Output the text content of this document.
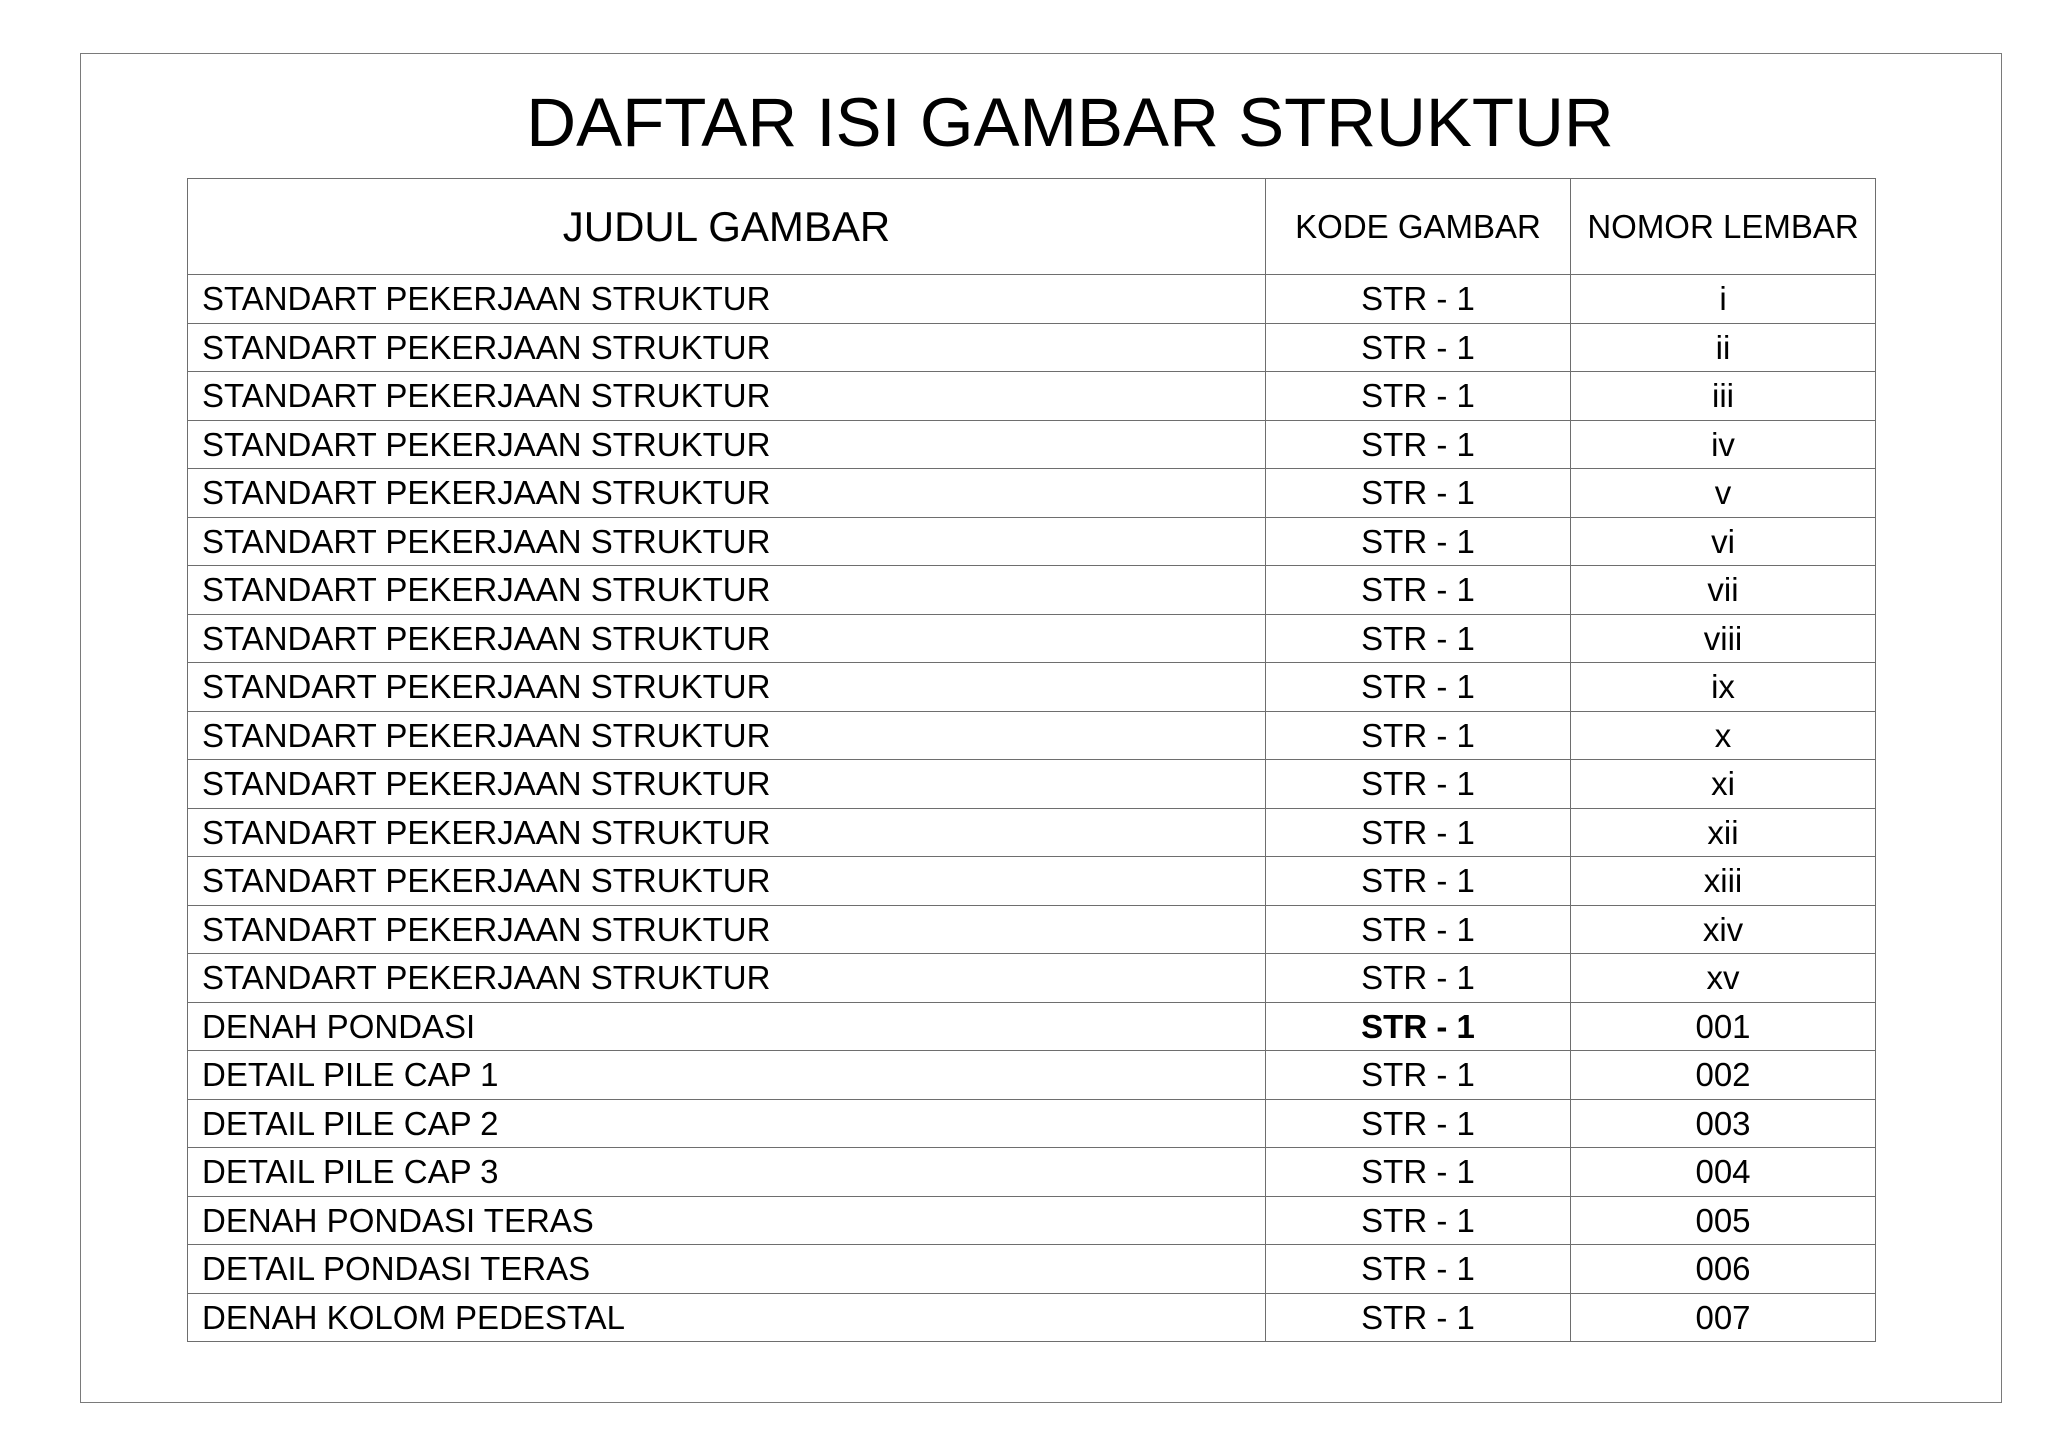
DAFTAR ISI GAMBAR STRUKTUR
JUDUL GAMBAR	KODE GAMBAR	NOMOR LEMBAR
STANDART PEKERJAAN STRUKTUR	STR - 1	i
STANDART PEKERJAAN STRUKTUR	STR - 1	ii
STANDART PEKERJAAN STRUKTUR	STR - 1	iii
STANDART PEKERJAAN STRUKTUR	STR - 1	iv
STANDART PEKERJAAN STRUKTUR	STR - 1	v
STANDART PEKERJAAN STRUKTUR	STR - 1	vi
STANDART PEKERJAAN STRUKTUR	STR - 1	vii
STANDART PEKERJAAN STRUKTUR	STR - 1	viii
STANDART PEKERJAAN STRUKTUR	STR - 1	ix
STANDART PEKERJAAN STRUKTUR	STR - 1	x
STANDART PEKERJAAN STRUKTUR	STR - 1	xi
STANDART PEKERJAAN STRUKTUR	STR - 1	xii
STANDART PEKERJAAN STRUKTUR	STR - 1	xiii
STANDART PEKERJAAN STRUKTUR	STR - 1	xiv
STANDART PEKERJAAN STRUKTUR	STR - 1	xv
DENAH PONDASI	STR - 1	001
DETAIL PILE CAP 1	STR - 1	002
DETAIL PILE CAP 2	STR - 1	003
DETAIL PILE CAP 3	STR - 1	004
DENAH PONDASI TERAS	STR - 1	005
DETAIL PONDASI TERAS	STR - 1	006
DENAH KOLOM PEDESTAL	STR - 1	007
